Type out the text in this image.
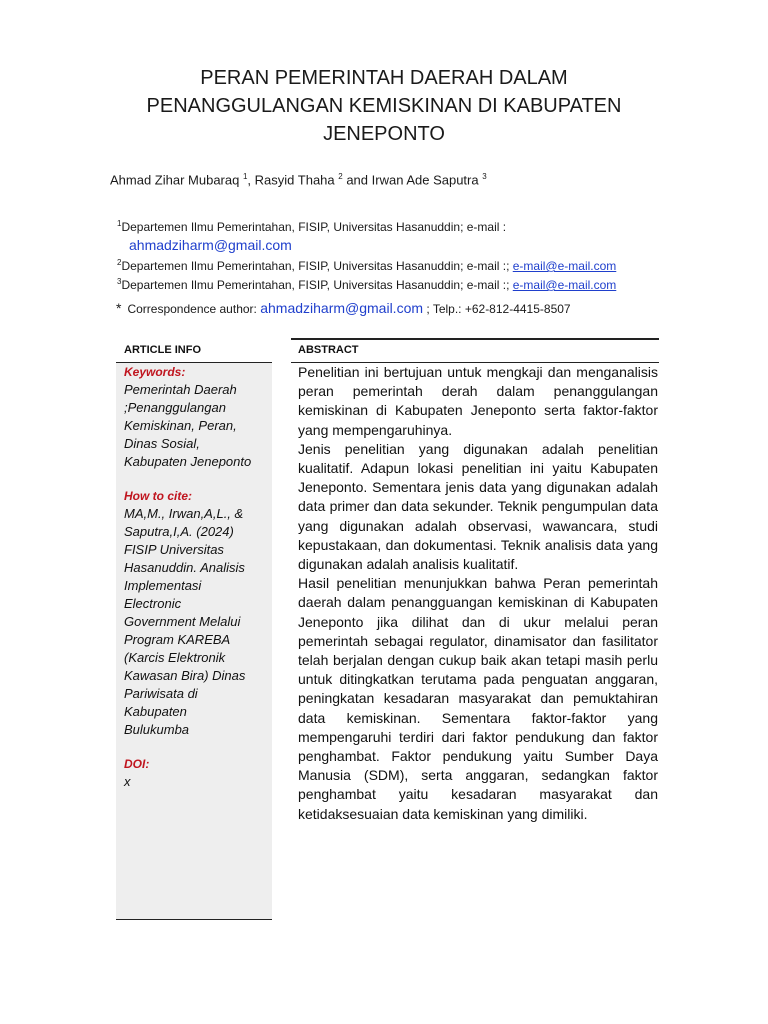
PERAN PEMERINTAH DAERAH DALAM
PENANGGULANGAN KEMISKINAN DI KABUPATEN
JENEPONTO
Ahmad Zihar Mubaraq $^1$, Rasyid Thaha $^2$ and Irwan Ade Saputra $^3$
$^1$Departemen Ilmu Pemerintahan, FISIP, Universitas Hasanuddin; e-mail :
ahmadziharm@gmail.com
$^2$Departemen Ilmu Pemerintahan, FISIP, Universitas Hasanuddin; e-mail :; e-mail@e-mail.com
$^3$Departemen Ilmu Pemerintahan, FISIP, Universitas Hasanuddin; e-mail :; e-mail@e-mail.com
* Correspondence author: ahmadziharm@gmail.com ; Telp.: +62-812-4415-8507
ARTICLE INFO
Keywords:
Pemerintah Daerah
;Penanggulangan
Kemiskinan, Peran,
Dinas Sosial,
Kabupaten Jeneponto
How to cite:
MA,M., Irwan,A,L., &
Saputra,I,A. (2024)
FISIP Universitas
Hasanuddin. Analisis
Implementasi
Electronic
Government Melalui
Program KAREBA
(Karcis Elektronik
Kawasan Bira) Dinas
Pariwisata di
Kabupaten
Bulukumba
DOI:
x
ABSTRACT

Penelitian ini bertujuan untuk mengkaji dan menganalisis peran pemerintah derah dalam penanggulangan kemiskinan di Kabupaten Jeneponto serta faktor-faktor yang mempengaruhinya.

Jenis penelitian yang digunakan adalah penelitian kualitatif. Adapun lokasi penelitian ini yaitu Kabupaten Jeneponto. Sementara jenis data yang digunakan adalah data primer dan data sekunder. Teknik pengumpulan data yang digunakan adalah observasi, wawancara, studi kepustakaan, dan dokumentasi. Teknik analisis data yang digunakan adalah analisis kualitatif.

Hasil penelitian menunjukkan bahwa Peran pemerintah daerah dalam penangguangan kemiskinan di Kabupaten Jeneponto jika dilihat dan di ukur melalui peran pemerintah sebagai regulator, dinamisator dan fasilitator telah berjalan dengan cukup baik akan tetapi masih perlu untuk ditingkatkan terutama pada penguatan anggaran, peningkatan kesadaran masyarakat dan pemuktahiran data kemiskinan. Sementara faktor-faktor yang mempengaruhi terdiri dari faktor pendukung dan faktor penghambat. Faktor pendukung yaitu Sumber Daya Manusia (SDM), serta anggaran, sedangkan faktor penghambat yaitu kesadaran masyarakat dan ketidaksesuaian data kemiskinan yang dimiliki.
